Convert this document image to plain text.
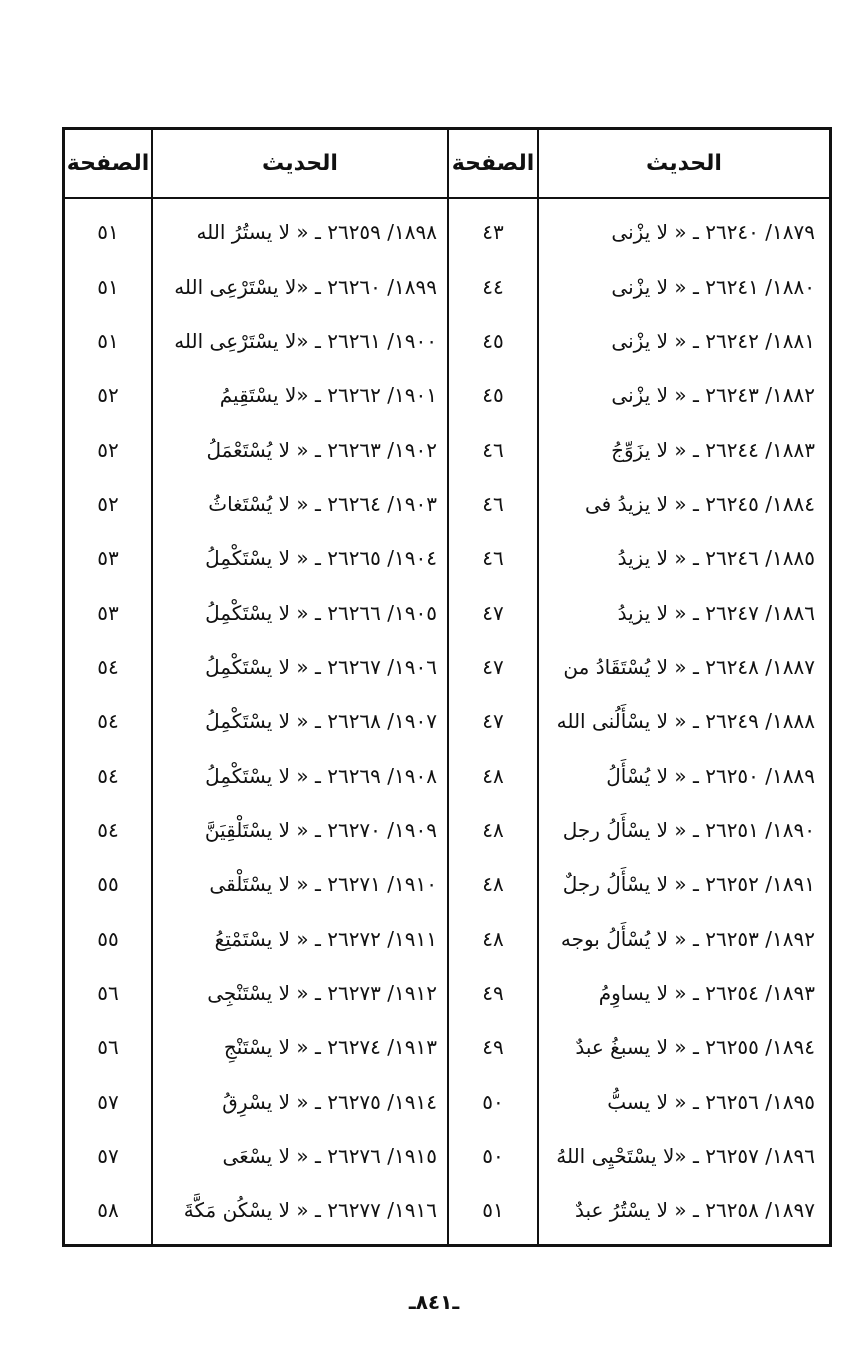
الحديث
الصفحة
الحديث
الصفحة
١٨٧٩/ ٢٦٢٤٠ ـ « لا يزْنى
٤٣
١٨٩٨/ ٢٦٢٥٩ ـ « لا يستُرُ الله
٥١
١٨٨٠/ ٢٦٢٤١ ـ « لا يزْنى
٤٤
١٨٩٩/ ٢٦٢٦٠ ـ «لا يسْتَرْعِى الله
٥١
١٨٨١/ ٢٦٢٤٢ ـ « لا يزْنى
٤٥
١٩٠٠/ ٢٦٢٦١ ـ «لا يسْتَرْعِى الله
٥١
١٨٨٢/ ٢٦٢٤٣ ـ « لا يزْنى
٤٥
١٩٠١/ ٢٦٢٦٢ ـ «لا يسْتَقِيمُ
٥٢
١٨٨٣/ ٢٦٢٤٤ ـ « لا يزَوِّجُ
٤٦
١٩٠٢/ ٢٦٢٦٣ ـ « لا يُسْتَعْمَلُ
٥٢
١٨٨٤/ ٢٦٢٤٥ ـ « لا يزيدُ فى
٤٦
١٩٠٣/ ٢٦٢٦٤ ـ « لا يُسْتَغاثُ
٥٢
١٨٨٥/ ٢٦٢٤٦ ـ « لا يزيدُ
٤٦
١٩٠٤/ ٢٦٢٦٥ ـ « لا يسْتَكْمِلُ
٥٣
١٨٨٦/ ٢٦٢٤٧ ـ « لا يزيدُ
٤٧
١٩٠٥/ ٢٦٢٦٦ ـ « لا يسْتَكْمِلُ
٥٣
١٨٨٧/ ٢٦٢٤٨ ـ « لا يُسْتَقَادُ من
٤٧
١٩٠٦/ ٢٦٢٦٧ ـ « لا يسْتَكْمِلُ
٥٤
١٨٨٨/ ٢٦٢٤٩ ـ « لا يسْأَلُنى الله
٤٧
١٩٠٧/ ٢٦٢٦٨ ـ « لا يسْتَكْمِلُ
٥٤
١٨٨٩/ ٢٦٢٥٠ ـ « لا يُسْأَلُ
٤٨
١٩٠٨/ ٢٦٢٦٩ ـ « لا يسْتَكْمِلُ
٥٤
١٨٩٠/ ٢٦٢٥١ ـ « لا يسْأَلُ رجل
٤٨
١٩٠٩/ ٢٦٢٧٠ ـ « لا يسْتَلْقِيَنَّ
٥٤
١٨٩١/ ٢٦٢٥٢ ـ « لا يسْأَلُ رجلٌ
٤٨
١٩١٠/ ٢٦٢٧١ ـ « لا يسْتَلْقى
٥٥
١٨٩٢/ ٢٦٢٥٣ ـ « لا يُسْأَلُ بوجه
٤٨
١٩١١/ ٢٦٢٧٢ ـ « لا يسْتَمْتِعُ
٥٥
١٨٩٣/ ٢٦٢٥٤ ـ « لا يساوِمُ
٤٩
١٩١٢/ ٢٦٢٧٣ ـ « لا يسْتَنْجِى
٥٦
١٨٩٤/ ٢٦٢٥٥ ـ « لا يسبغُ عبدٌ
٤٩
١٩١٣/ ٢٦٢٧٤ ـ « لا يسْتَنْجِ
٥٦
١٨٩٥/ ٢٦٢٥٦ ـ « لا يسبُّ
٥٠
١٩١٤/ ٢٦٢٧٥ ـ « لا يسْرِقُ
٥٧
١٨٩٦/ ٢٦٢٥٧ ـ «لا يسْتَحْيِى اللهُ
٥٠
١٩١٥/ ٢٦٢٧٦ ـ « لا يسْعَى
٥٧
١٨٩٧/ ٢٦٢٥٨ ـ « لا يسْتُرُ عبدٌ
٥١
١٩١٦/ ٢٦٢٧٧ ـ « لا يسْكُن مَكَّةَ
٥٨
ـ٨٤١ـ
